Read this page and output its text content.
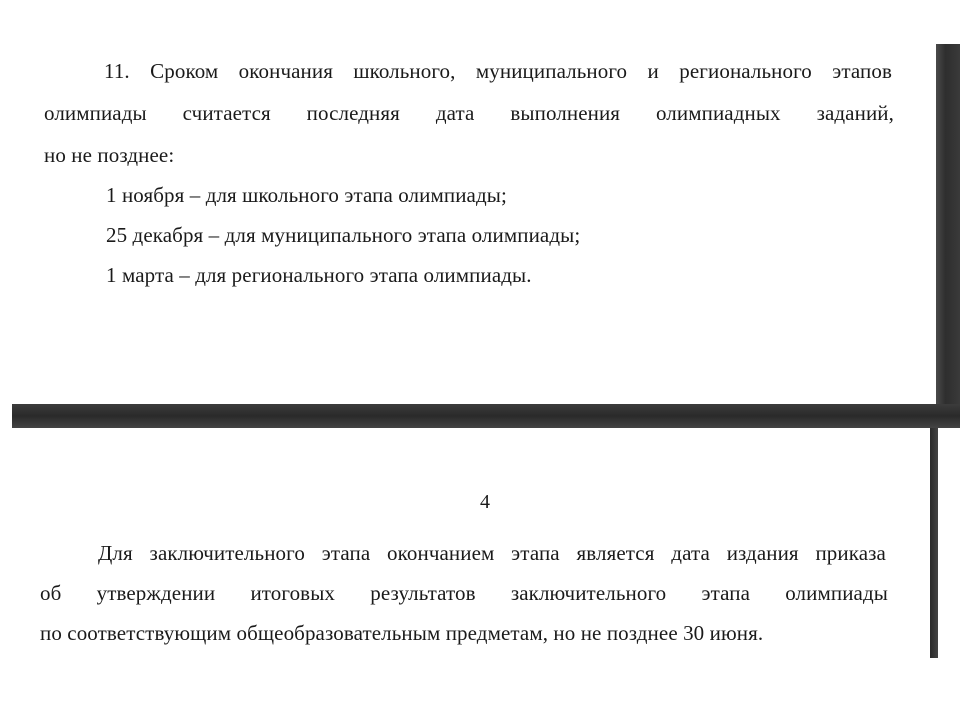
11. Сроком окончания школьного, муниципального и регионального этапов
олимпиады считается последняя дата выполнения олимпиадных заданий,
но не позднее:
1 ноября – для школьного этапа олимпиады;
25 декабря – для муниципального этапа олимпиады;
1 марта – для регионального этапа олимпиады.
4
Для заключительного этапа окончанием этапа является дата издания приказа
об утверждении итоговых результатов заключительного этапа олимпиады
по соответствующим общеобразовательным предметам, но не позднее 30 июня.
